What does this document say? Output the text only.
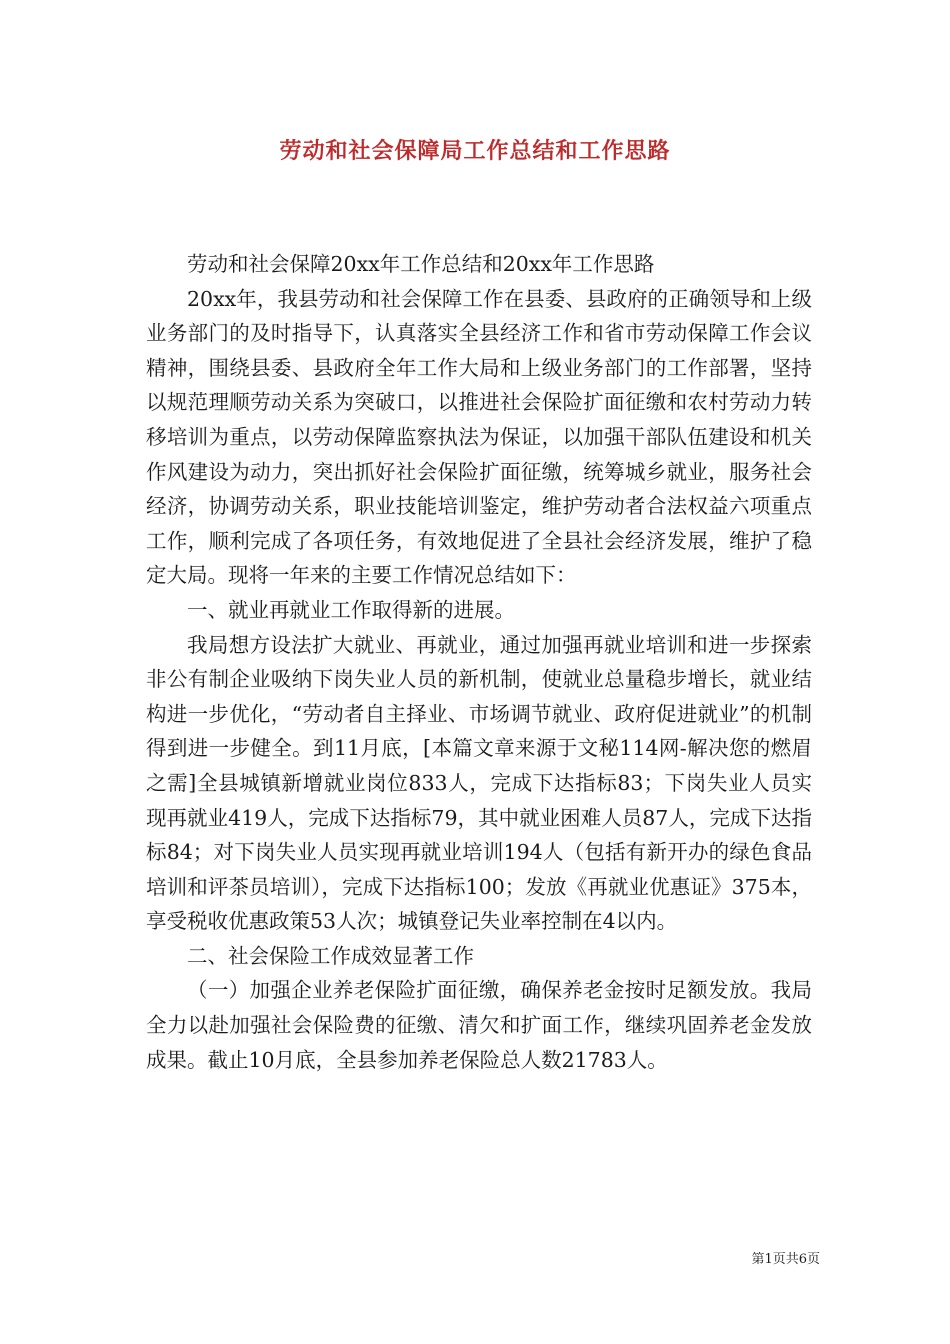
劳动和社会保障局工作总结和工作思路

劳动和社会保障20xx年工作总结和20xx年工作思路

20xx年，我县劳动和社会保障工作在县委、县政府的正确领导和上级业务部门的及时指导下，认真落实全县经济工作和省市劳动保障工作会议精神，围绕县委、县政府全年工作大局和上级业务部门的工作部署，坚持以规范理顺劳动关系为突破口，以推进社会保险扩面征缴和农村劳动力转移培训为重点，以劳动保障监察执法为保证，以加强干部队伍建设和机关作风建设为动力，突出抓好社会保险扩面征缴，统筹城乡就业，服务社会经济，协调劳动关系，职业技能培训鉴定，维护劳动者合法权益六项重点工作，顺利完成了各项任务，有效地促进了全县社会经济发展，维护了稳定大局。现将一年来的主要工作情况总结如下：

一、就业再就业工作取得新的进展。

我局想方设法扩大就业、再就业，通过加强再就业培训和进一步探索非公有制企业吸纳下岗失业人员的新机制，使就业总量稳步增长，就业结构进一步优化，“劳动者自主择业、市场调节就业、政府促进就业”的机制得到进一步健全。到11月底，[本篇文章来源于文秘114网-解决您的燃眉之需]全县城镇新增就业岗位833人，完成下达指标83；下岗失业人员实现再就业419人，完成下达指标79，其中就业困难人员87人，完成下达指标84；对下岗失业人员实现再就业培训194人（包括有新开办的绿色食品培训和评茶员培训），完成下达指标100；发放《再就业优惠证》375本，享受税收优惠政策53人次；城镇登记失业率控制在4以内。

二、社会保险工作成效显著工作

（一）加强企业养老保险扩面征缴，确保养老金按时足额发放。我局全力以赴加强社会保险费的征缴、清欠和扩面工作，继续巩固养老金发放成果。截止10月底，全县参加养老保险总人数21783人。

第1页共6页
